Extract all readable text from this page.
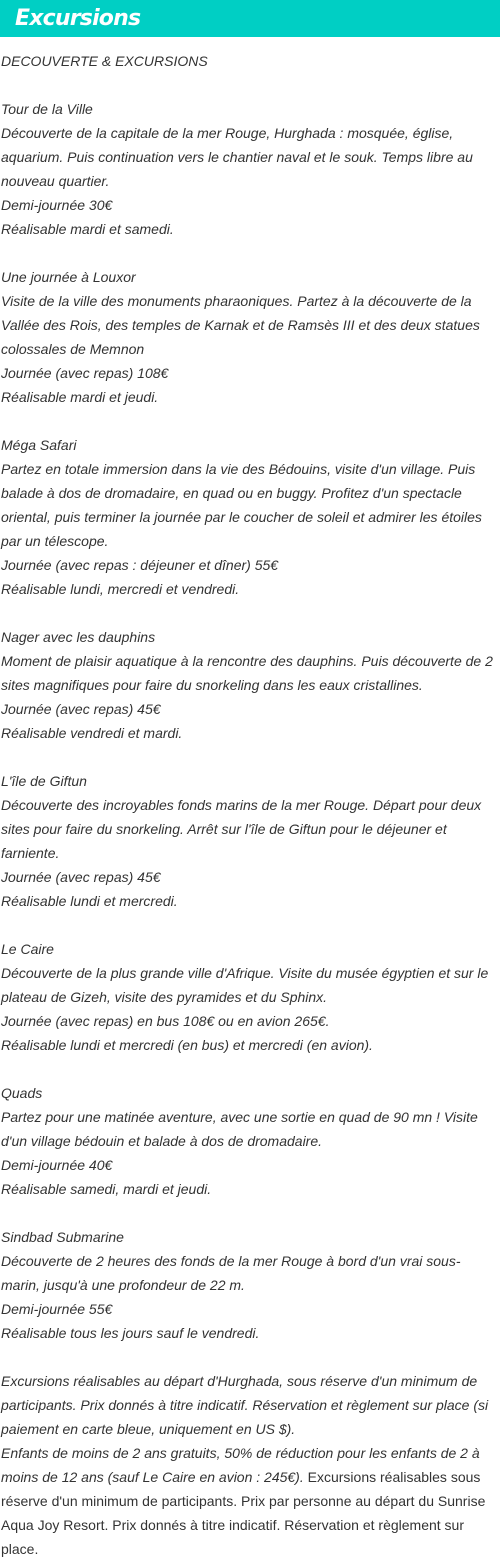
Excursions
DECOUVERTE & EXCURSIONS
Tour de la Ville
Découverte de la capitale de la mer Rouge, Hurghada : mosquée, église, aquarium. Puis continuation vers le chantier naval et le souk. Temps libre au nouveau quartier.
Demi-journée 30€
Réalisable mardi et samedi.
Une journée à Louxor
Visite de la ville des monuments pharaoniques. Partez à la découverte de la Vallée des Rois, des temples de Karnak et de Ramsès III et des deux statues colossales de Memnon
Journée (avec repas) 108€
Réalisable mardi et jeudi.
Méga Safari
Partez en totale immersion dans la vie des Bédouins, visite d'un village. Puis balade à dos de dromadaire, en quad ou en buggy. Profitez d'un spectacle oriental, puis terminer la journée par le coucher de soleil et admirer les étoiles par un télescope.
Journée (avec repas : déjeuner et dîner) 55€
Réalisable lundi, mercredi et vendredi.
Nager avec les dauphins
Moment de plaisir aquatique à la rencontre des dauphins. Puis découverte de 2 sites magnifiques pour faire du snorkeling dans les eaux cristallines.
Journée (avec repas) 45€
Réalisable vendredi et mardi.
L'île de Giftun
Découverte des incroyables fonds marins de la mer Rouge. Départ pour deux sites pour faire du snorkeling. Arrêt sur l'île de Giftun pour le déjeuner et farniente.
Journée (avec repas) 45€
Réalisable lundi et mercredi.
Le Caire
Découverte de la plus grande ville d'Afrique. Visite du musée égyptien et sur le plateau de Gizeh, visite des pyramides et du Sphinx.
Journée (avec repas) en bus 108€ ou en avion 265€.
Réalisable lundi et mercredi (en bus) et mercredi (en avion).
Quads
Partez pour une matinée aventure, avec une sortie en quad de 90 mn ! Visite d'un village bédouin et balade à dos de dromadaire.
Demi-journée 40€
Réalisable samedi, mardi et jeudi.
Sindbad Submarine
Découverte de 2 heures des fonds de la mer Rouge à bord d'un vrai sous-marin, jusqu'à une profondeur de 22 m.
Demi-journée 55€
Réalisable tous les jours sauf le vendredi.
Excursions réalisables au départ d'Hurghada, sous réserve d'un minimum de participants. Prix donnés à titre indicatif. Réservation et règlement sur place (si paiement en carte bleue, uniquement en US $).
Enfants de moins de 2 ans gratuits, 50% de réduction pour les enfants de 2 à moins de 12 ans (sauf Le Caire en avion : 245€). Excursions réalisables sous réserve d'un minimum de participants. Prix par personne au départ du Sunrise Aqua Joy Resort. Prix donnés à titre indicatif. Réservation et règlement sur place.
